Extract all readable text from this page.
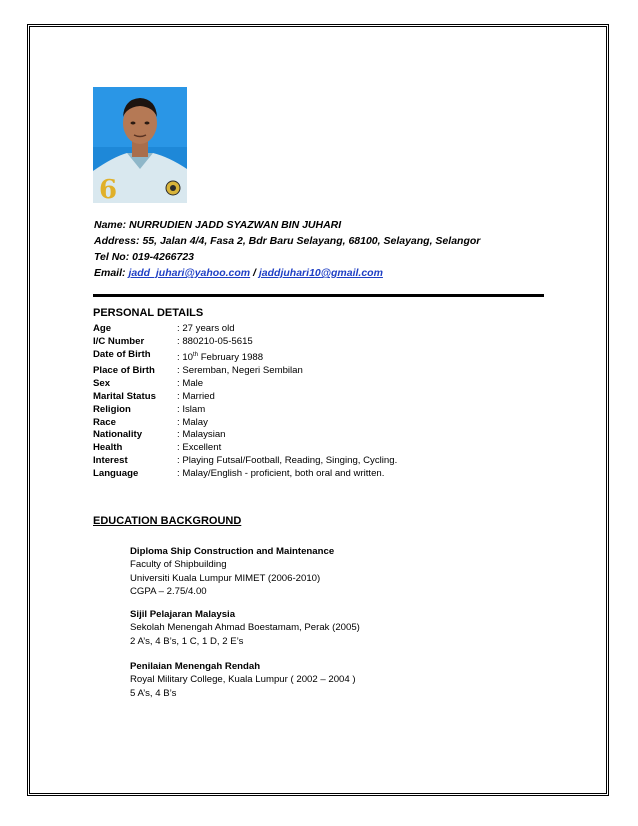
6
Name: NURRUDIEN JADD SYAZWAN BIN JUHARI
Address: 55, Jalan 4/4, Fasa 2, Bdr Baru Selayang, 68100, Selayang, Selangor
Tel No: 019-4266723
Email: jadd_juhari@yahoo.com / jaddjuhari10@gmail.com
PERSONAL DETAILS
Age	: 27 years old
I/C Number	: 880210-05-5615
Date of Birth	: 10th February 1988
Place of Birth	: Seremban, Negeri Sembilan
Sex	: Male
Marital Status	: Married
Religion	: Islam
Race	: Malay
Nationality	: Malaysian
Health	: Excellent
Interest	: Playing Futsal/Football, Reading, Singing, Cycling.
Language	: Malay/English - proficient, both oral and written.
EDUCATION BACKGROUND
Diploma Ship Construction and Maintenance
Faculty of Shipbuilding
Universiti Kuala Lumpur MIMET (2006-2010)
CGPA – 2.75/4.00
Sijil Pelajaran Malaysia
Sekolah Menengah Ahmad Boestamam, Perak (2005)
2 A’s, 4 B’s, 1 C, 1 D, 2 E’s
Penilaian Menengah Rendah
Royal Military College, Kuala Lumpur ( 2002 – 2004 )
5 A’s, 4 B’s
